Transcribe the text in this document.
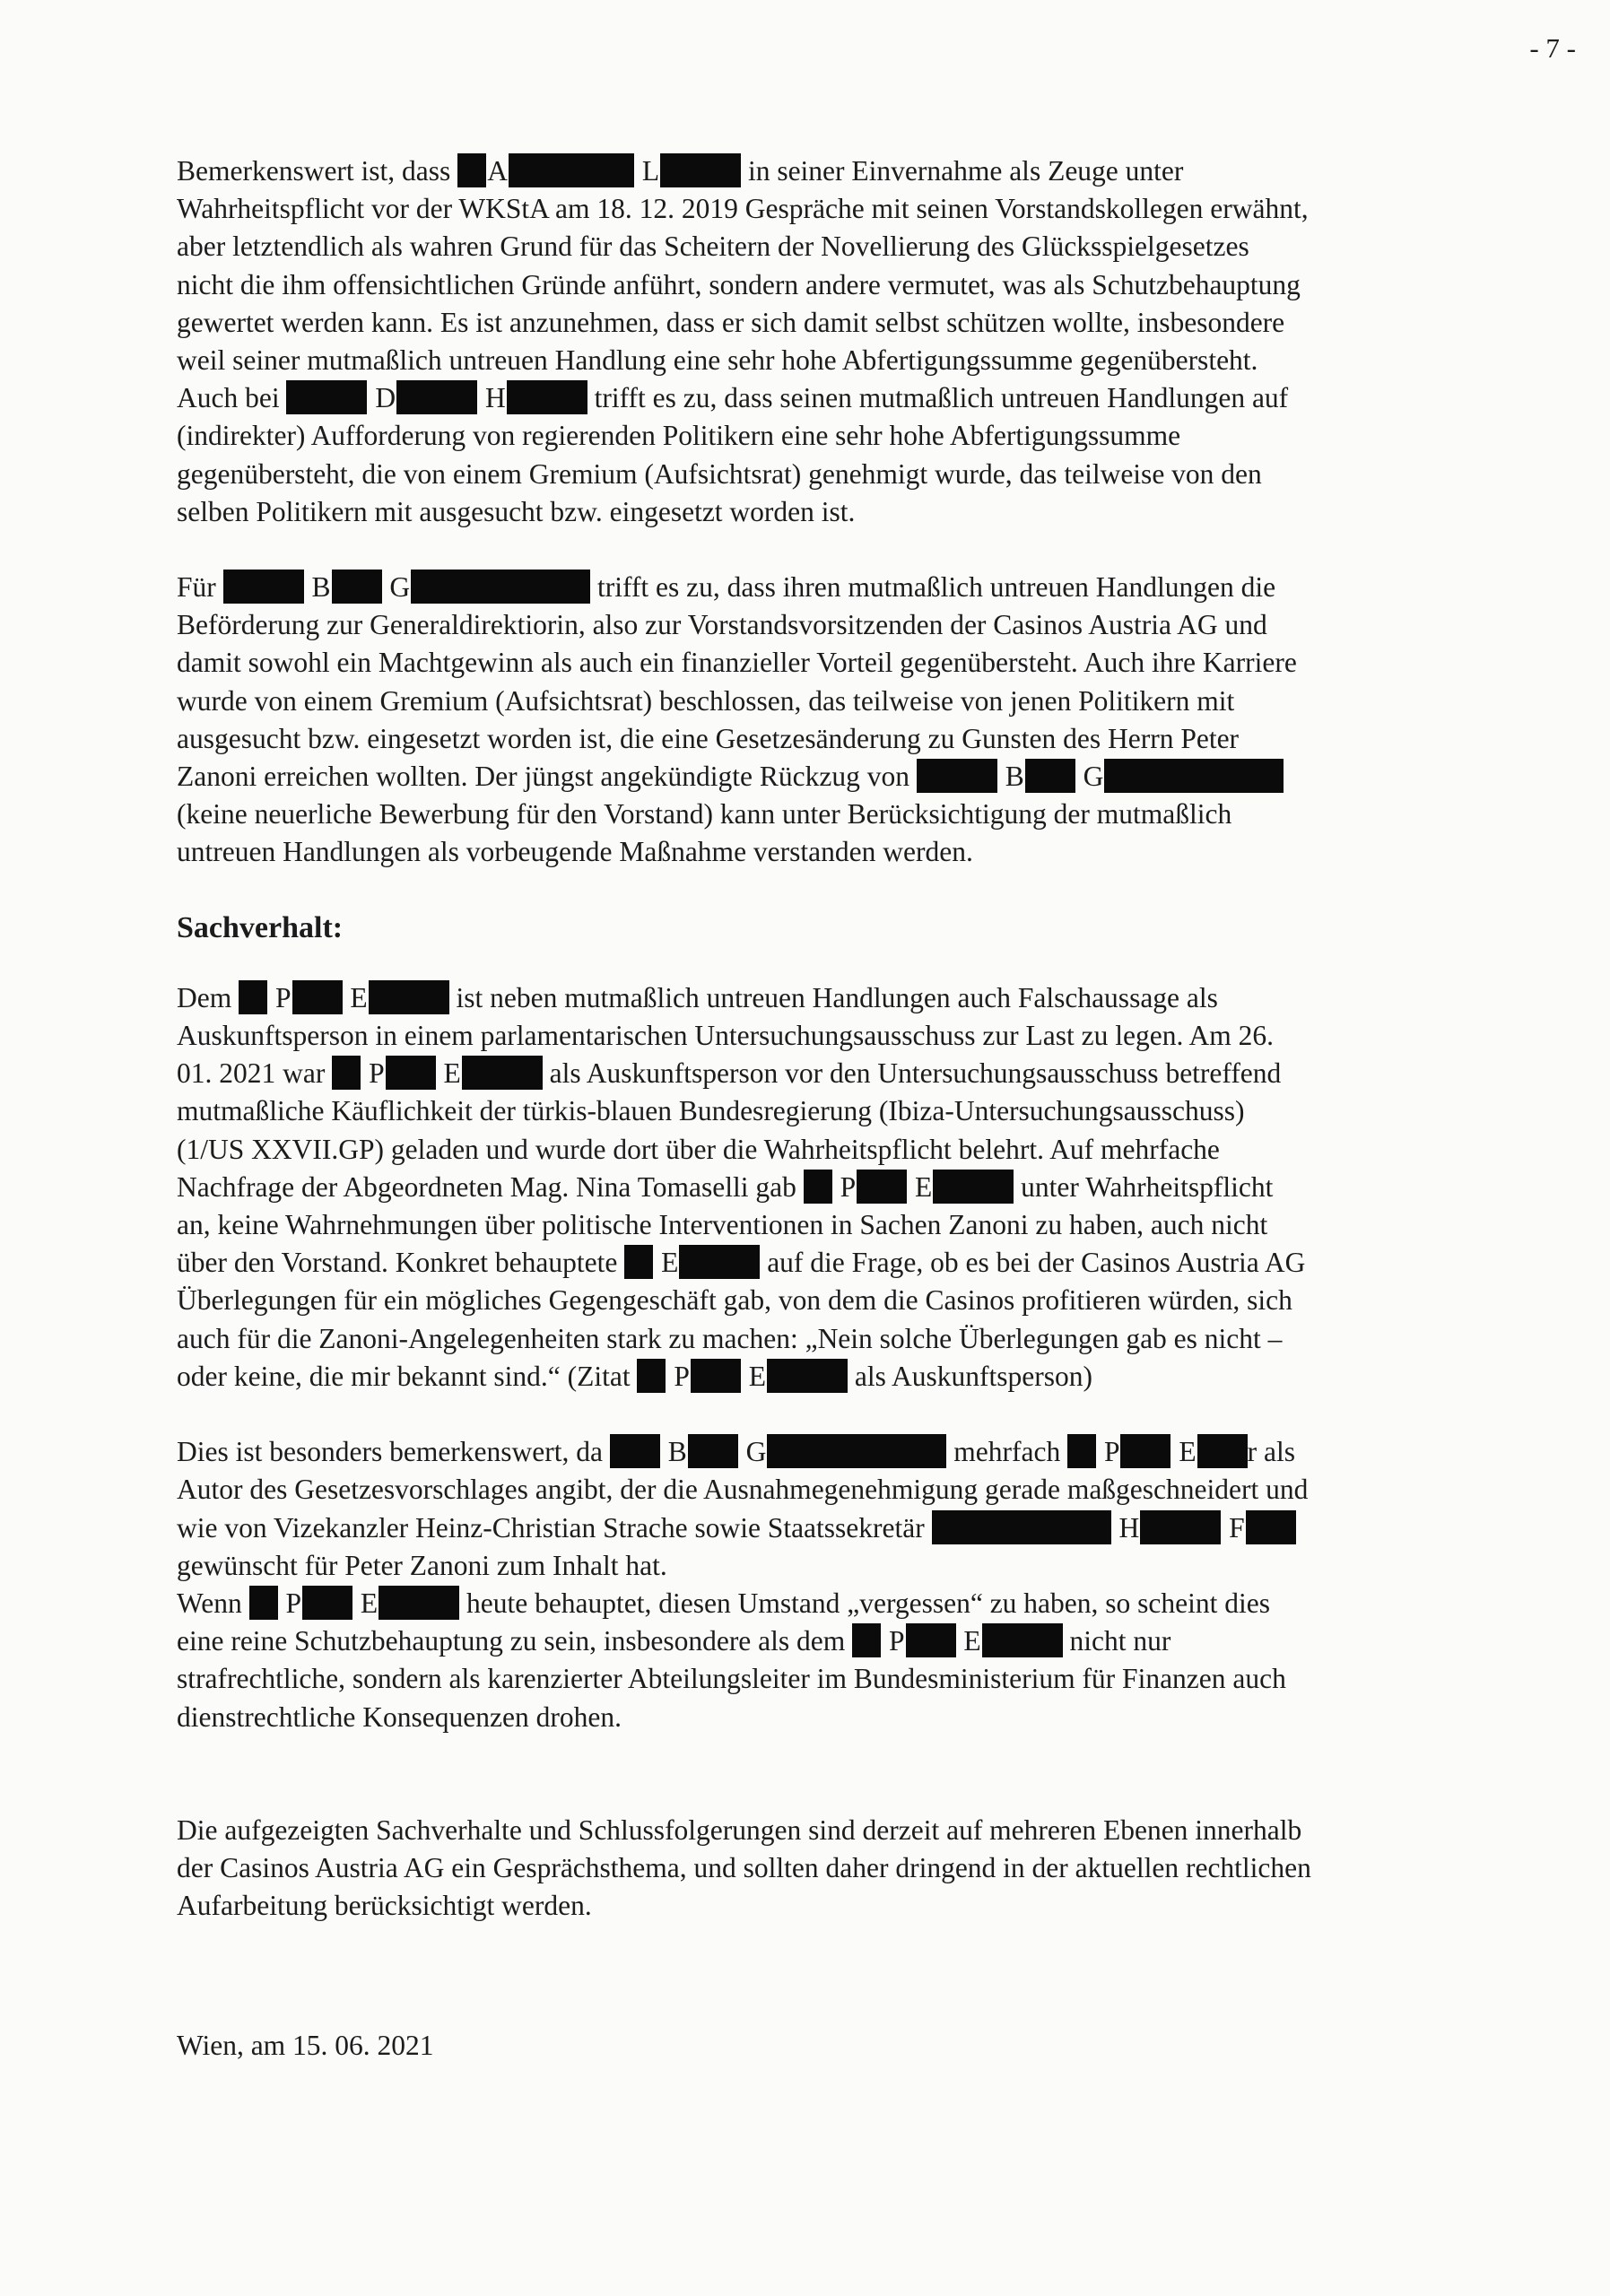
- 7 -

Bemerkenswert ist, dass A	L	in seiner Einvernahme als Zeuge unter
Wahrheitspflicht vor der WKStA am 18. 12. 2019 Gespräche mit seinen Vorstandskollegen erwähnt,
aber letztendlich als wahren Grund für das Scheitern der Novellierung des Glücksspielgesetzes
nicht die ihm offensichtlichen Gründe anführt, sondern andere vermutet, was als Schutzbehauptung
gewertet werden kann. Es ist anzunehmen, dass er sich damit selbst schützen wollte, insbesondere
weil seiner mutmaßlich untreuen Handlung eine sehr hohe Abfertigungssumme gegenübersteht.
Auch bei	D	H	trifft es zu, dass seinen mutmaßlich untreuen Handlungen auf
(indirekter) Aufforderung von regierenden Politikern eine sehr hohe Abfertigungssumme
gegenübersteht, die von einem Gremium (Aufsichtsrat) genehmigt wurde, das teilweise von den
selben Politikern mit ausgesucht bzw. eingesetzt worden ist.

Für	B G	trifft es zu, dass ihren mutmaßlich untreuen Handlungen die
Beförderung zur Generaldirektiorin, also zur Vorstandsvorsitzenden der Casinos Austria AG und
damit sowohl ein Machtgewinn als auch ein finanzieller Vorteil gegenübersteht. Auch ihre Karriere
wurde von einem Gremium (Aufsichtsrat) beschlossen, das teilweise von jenen Politikern mit
ausgesucht bzw. eingesetzt worden ist, die eine Gesetzesänderung zu Gunsten des Herrn Peter
Zanoni erreichen wollten. Der jüngst angekündigte Rückzug von	B G
(keine neuerliche Bewerbung für den Vorstand) kann unter Berücksichtigung der mutmaßlich
untreuen Handlungen als vorbeugende Maßnahme verstanden werden.

Sachverhalt:

Dem P E	ist neben mutmaßlich untreuen Handlungen auch Falschaussage als
Auskunftsperson in einem parlamentarischen Untersuchungsausschuss zur Last zu legen. Am 26.
01. 2021 war P E	als Auskunftsperson vor den Untersuchungsausschuss betreffend
mutmaßliche Käuflichkeit der türkis-blauen Bundesregierung (Ibiza-Untersuchungsausschuss)
(1/US XXVII.GP) geladen und wurde dort über die Wahrheitspflicht belehrt. Auf mehrfache
Nachfrage der Abgeordneten Mag. Nina Tomaselli gab P E	unter Wahrheitspflicht
an, keine Wahrnehmungen über politische Interventionen in Sachen Zanoni zu haben, auch nicht
über den Vorstand. Konkret behauptete E	auf die Frage, ob es bei der Casinos Austria AG
Überlegungen für ein mögliches Gegengeschäft gab, von dem die Casinos profitieren würden, sich
auch für die Zanoni-Angelegenheiten stark zu machen: „Nein solche Überlegungen gab es nicht –
oder keine, die mir bekannt sind.“ (Zitat P E	als Auskunftsperson)

Dies ist besonders bemerkenswert, da B G	mehrfach P E r als
Autor des Gesetzesvorschlages angibt, der die Ausnahmegenehmigung gerade maßgeschneidert und
wie von Vizekanzler Heinz-Christian Strache sowie Staatssekretär	H	F
gewünscht für Peter Zanoni zum Inhalt hat.
Wenn P E	heute behauptet, diesen Umstand „vergessen“ zu haben, so scheint dies
eine reine Schutzbehauptung zu sein, insbesondere als dem P E	nicht nur
strafrechtliche, sondern als karenzierter Abteilungsleiter im Bundesministerium für Finanzen auch
dienstrechtliche Konsequenzen drohen.

Die aufgezeigten Sachverhalte und Schlussfolgerungen sind derzeit auf mehreren Ebenen innerhalb
der Casinos Austria AG ein Gesprächsthema, und sollten daher dringend in der aktuellen rechtlichen
Aufarbeitung berücksichtigt werden.

Wien, am 15. 06. 2021
